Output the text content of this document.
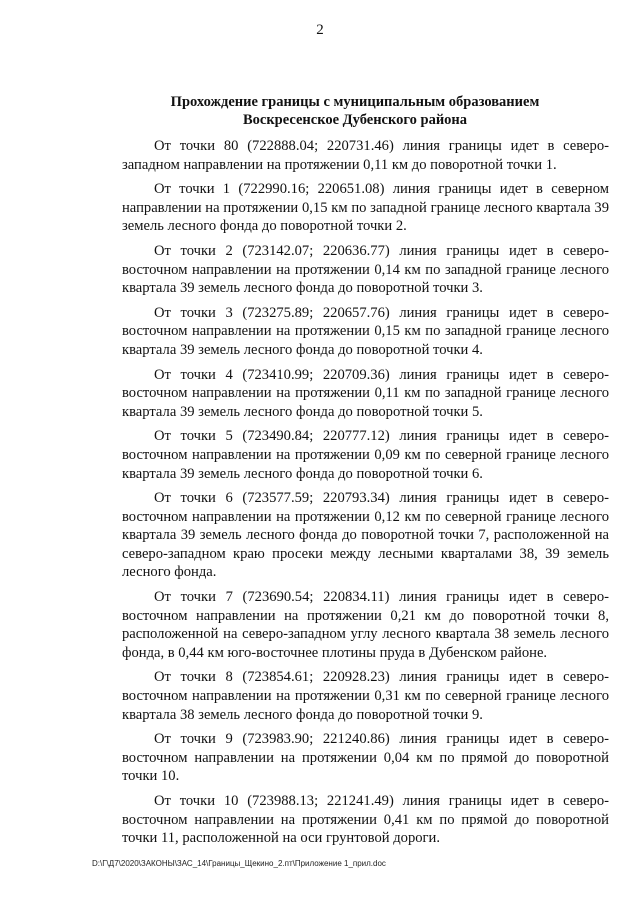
2
Прохождение границы с муниципальным образованием
Воскресенское Дубенского района

От точки 80 (722888.04; 220731.46) линия границы идет в северо-западном направлении на протяжении 0,11 км до поворотной точки 1.

От точки 1 (722990.16; 220651.08) линия границы идет в северном направлении на протяжении 0,15 км по западной границе лесного квартала 39 земель лесного фонда до поворотной точки 2.

От точки 2 (723142.07; 220636.77) линия границы идет в северо-восточном направлении на протяжении 0,14 км по западной границе лесного квартала 39 земель лесного фонда до поворотной точки 3.

От точки 3 (723275.89; 220657.76) линия границы идет в северо-восточном направлении на протяжении 0,15 км по западной границе лесного квартала 39 земель лесного фонда до поворотной точки 4.

От точки 4 (723410.99; 220709.36) линия границы идет в северо-восточном направлении на протяжении 0,11 км по западной границе лесного квартала 39 земель лесного фонда до поворотной точки 5.

От точки 5 (723490.84; 220777.12) линия границы идет в северо-восточном направлении на протяжении 0,09 км по северной границе лесного квартала 39 земель лесного фонда до поворотной точки 6.

От точки 6 (723577.59; 220793.34) линия границы идет в северо-восточном направлении на протяжении 0,12 км по северной границе лесного квартала 39 земель лесного фонда до поворотной точки 7, расположенной на северо-западном краю просеки между лесными кварталами 38, 39 земель лесного фонда.

От точки 7 (723690.54; 220834.11) линия границы идет в северо-восточном направлении на протяжении 0,21 км до поворотной точки 8, расположенной на северо-западном углу лесного квартала 38 земель лесного фонда, в 0,44 км юго-восточнее плотины пруда в Дубенском районе.

От точки 8 (723854.61; 220928.23) линия границы идет в северо-восточном направлении на протяжении 0,31 км по северной границе лесного квартала 38 земель лесного фонда до поворотной точки 9.

От точки 9 (723983.90; 221240.86) линия границы идет в северо-восточном направлении на протяжении 0,04 км по прямой до поворотной точки 10.

От точки 10 (723988.13; 221241.49) линия границы идет в северо-восточном направлении на протяжении 0,41 км по прямой до поворотной точки 11, расположенной на оси грунтовой дороги.

D:\Г\Д7\2020\ЗАКОНЫ\ЗАС_14\Границы_Щекино_2.пт\Приложение 1_прил.doc
